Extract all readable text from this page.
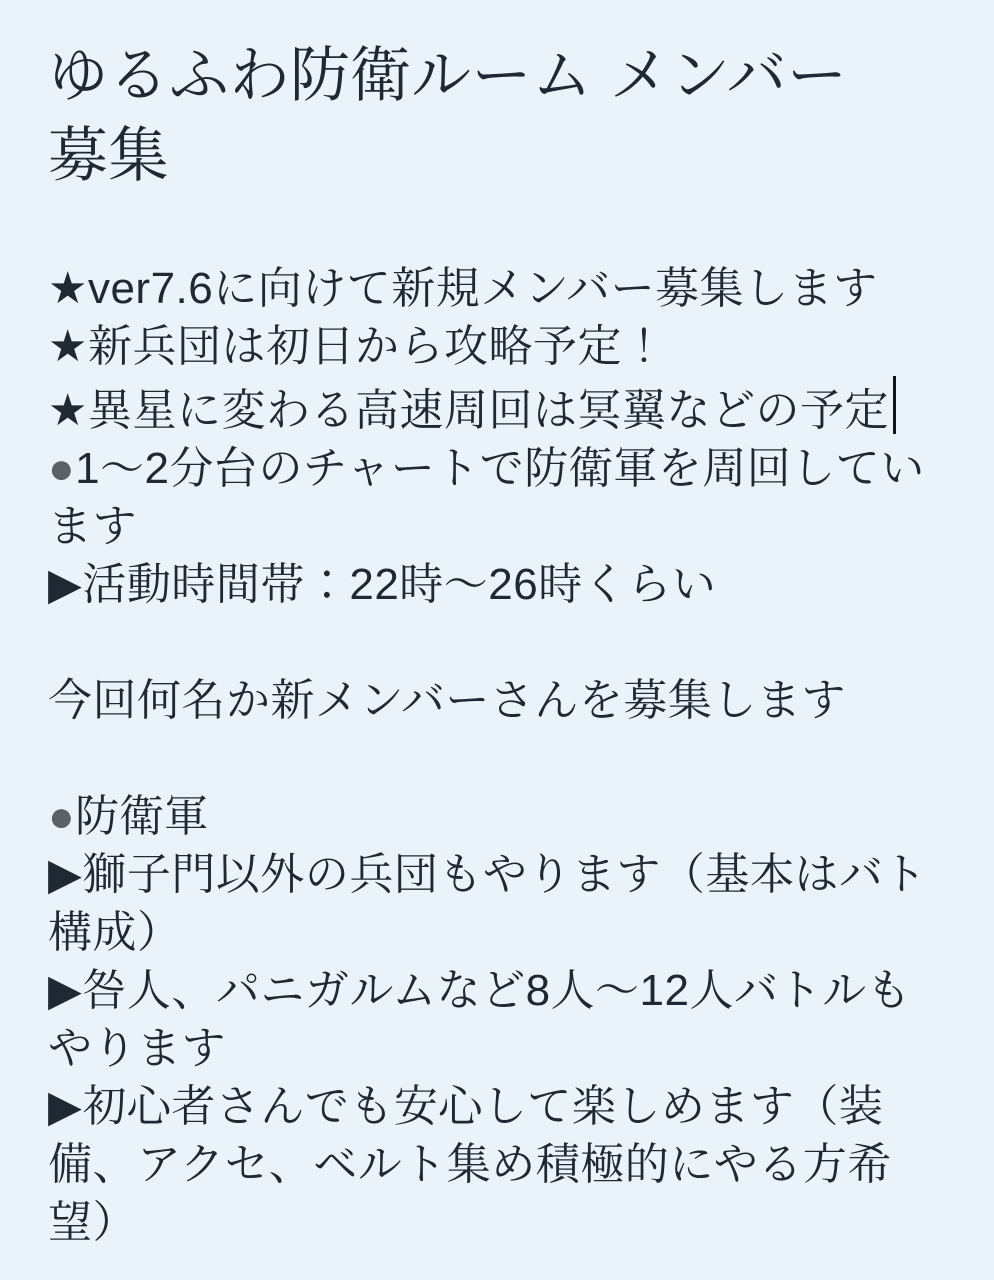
ゆるふわ防衛ルーム メンバー
募集

★ver7.6に向けて新規メンバー募集します

★新兵団は初日から攻略予定！

★異星に変わる高速周回は冥翼などの予定

●1〜2分台のチャートで防衛軍を周回しています

▶活動時間帯：22時〜26時くらい

今回何名か新メンバーさんを募集します

●防衛軍

▶獅子門以外の兵団もやります（基本はバト構成）

▶咎人、パニガルムなど8人〜12人バトルもやります

▶初心者さんでも安心して楽しめます（装備、アクセ、ベルト集め積極的にやる方希望）
